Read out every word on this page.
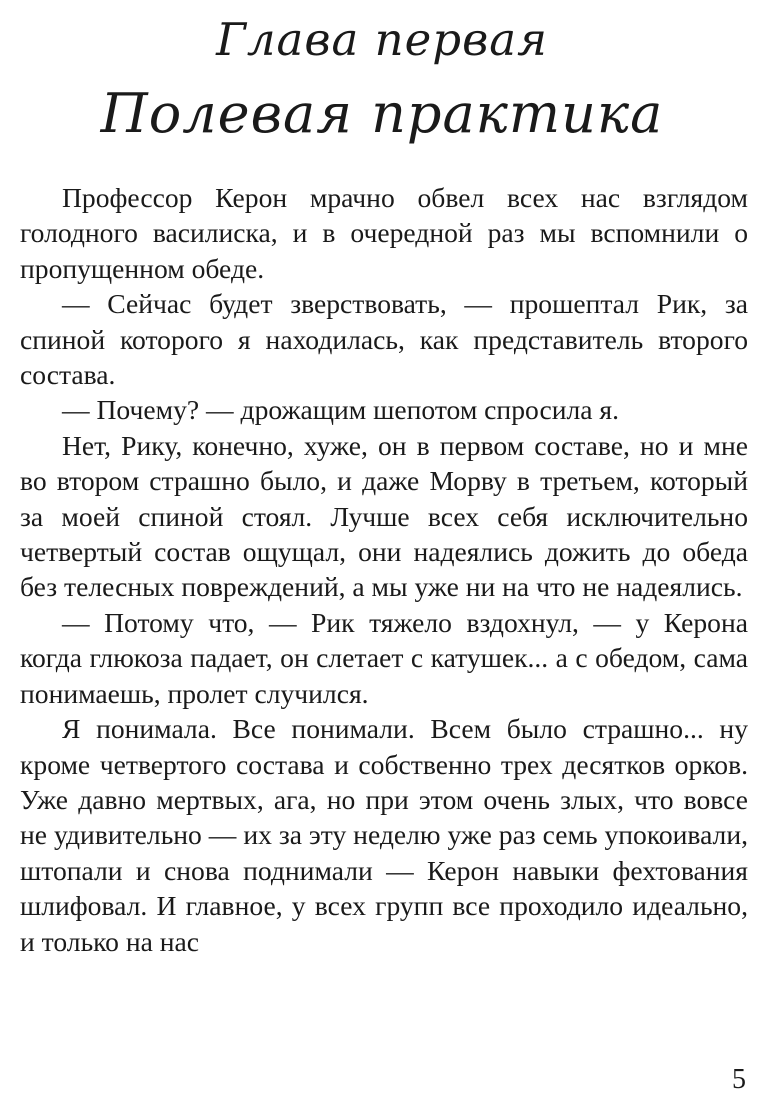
Глава первая
Полевая практика

Профессор Керон мрачно обвел всех нас взглядом голодного василиска, и в очередной раз мы вспомнили о пропущенном обеде.

— Сейчас будет зверствовать, — прошептал Рик, за спиной которого я находилась, как представитель второго состава.

— Почему? — дрожащим шепотом спросила я.

Нет, Рику, конечно, хуже, он в первом составе, но и мне во втором страшно было, и даже Морву в третьем, который за моей спиной стоял. Лучше всех себя исключительно четвертый состав ощущал, они надеялись дожить до обеда без телесных повреждений, а мы уже ни на что не надеялись.

— Потому что, — Рик тяжело вздохнул, — у Керона когда глюкоза падает, он слетает с катушек... а с обедом, сама понимаешь, пролет случился.

Я понимала. Все понимали. Всем было страшно... ну кроме четвертого состава и собственно трех десятков орков. Уже давно мертвых, ага, но при этом очень злых, что вовсе не удивительно — их за эту неделю уже раз семь упокоивали, штопали и снова поднимали — Керон навыки фехтования шлифовал. И главное, у всех групп все проходило идеально, и только на нас

5
